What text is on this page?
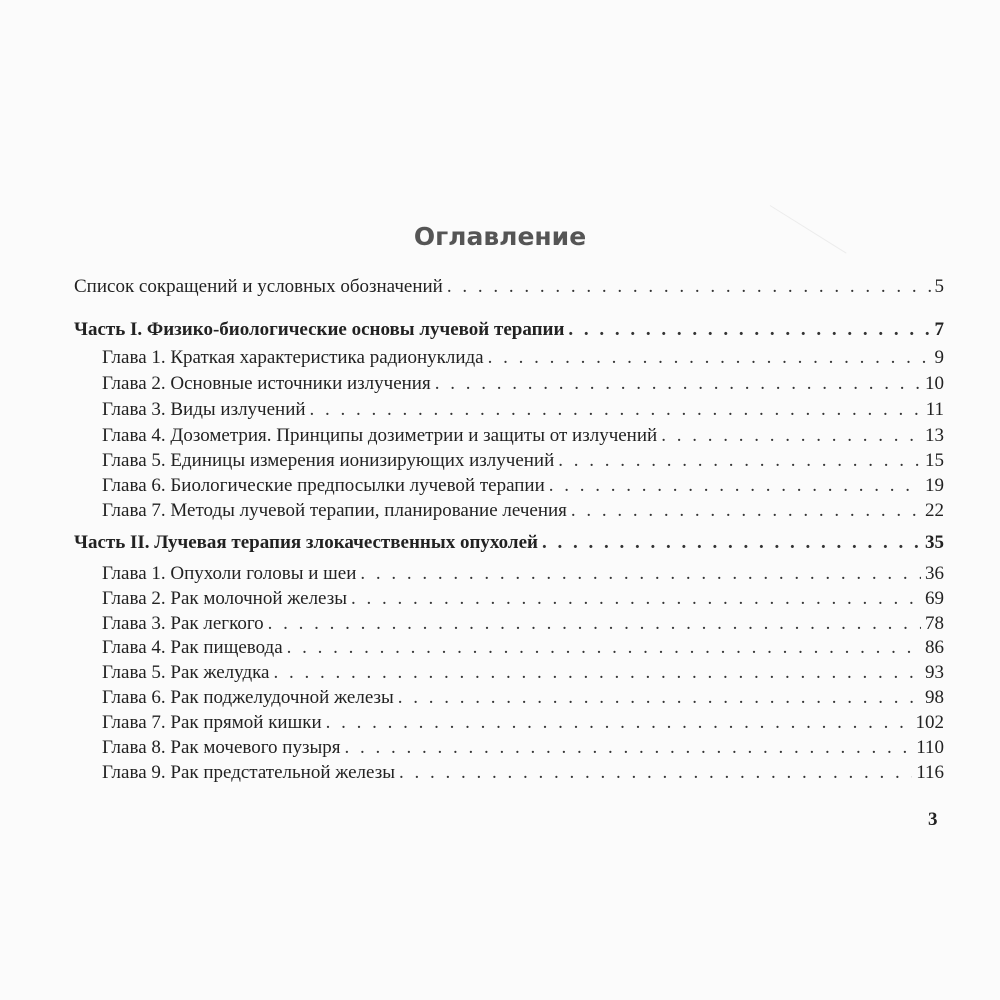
Оглавление
Список сокращений и условных обозначений . . .	5
Часть I. Физико-биологические основы лучевой терапии . . .	7
Глава 1. Краткая характеристика радионуклида . . .	9
Глава 2. Основные источники излучения . . .	10
Глава 3. Виды излучений . . .	11
Глава 4. Дозометрия. Принципы дозиметрии и защиты от излучений . . .	13
Глава 5. Единицы измерения ионизирующих излучений . . .	15
Глава 6. Биологические предпосылки лучевой терапии . . .	19
Глава 7. Методы лучевой терапии, планирование лечения . . .	22
Часть II. Лучевая терапия злокачественных опухолей . . .	35
Глава 1. Опухоли головы и шеи . . .	36
Глава 2. Рак молочной железы . . .	69
Глава 3. Рак легкого . . .	78
Глава 4. Рак пищевода . . .	86
Глава 5. Рак желудка . . .	93
Глава 6. Рак поджелудочной железы . . .	98
Глава 7. Рак прямой кишки . . .	102
Глава 8. Рак мочевого пузыря . . .	110
Глава 9. Рак предстательной железы . . .	116
3
